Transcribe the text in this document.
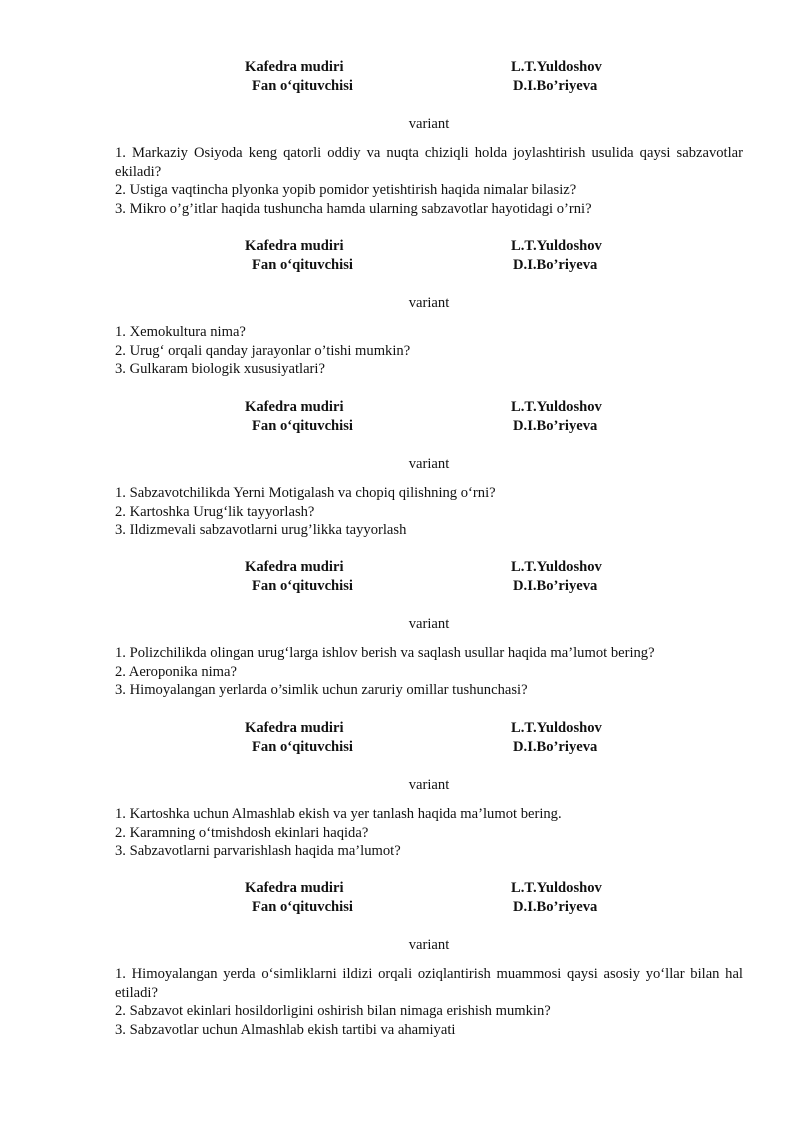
Kafedra mudiri	L.T.Yuldoshov
Fan o‘qituvchisi	D.I.Bo’riyeva
variant

1. Markaziy Osiyoda keng qatorli oddiy va nuqta chiziqli holda joylashtirish usulida qaysi sabzavotlar ekiladi?

2. Ustiga vaqtincha plyonka yopib pomidor yetishtirish haqida nimalar bilasiz?

3. Mikro o’g’itlar haqida tushuncha hamda ularning sabzavotlar hayotidagi o’rni?

Kafedra mudiri	L.T.Yuldoshov
Fan o‘qituvchisi	D.I.Bo’riyeva
variant

1. Xemokultura nima?

2. Urug‘ orqali qanday jarayonlar o’tishi mumkin?

3. Gulkaram biologik xususiyatlari?

Kafedra mudiri	L.T.Yuldoshov
Fan o‘qituvchisi	D.I.Bo’riyeva
variant

1. Sabzavotchilikda Yerni Motigalash va chopiq qilishning o‘rni?

2. Kartoshka Urug‘lik tayyorlash?

3. Ildizmevali sabzavotlarni urug’likka tayyorlash

Kafedra mudiri	L.T.Yuldoshov
Fan o‘qituvchisi	D.I.Bo’riyeva
variant

1. Polizchilikda olingan urug‘larga ishlov berish va saqlash usullar haqida ma’lumot bering?

2. Aeroponika nima?

3. Himoyalangan yerlarda o’simlik uchun zaruriy omillar tushunchasi?

Kafedra mudiri	L.T.Yuldoshov
Fan o‘qituvchisi	D.I.Bo’riyeva
variant

1. Kartoshka uchun Almashlab ekish va yer tanlash haqida ma’lumot bering.

2. Karamning o‘tmishdosh ekinlari haqida?

3. Sabzavotlarni parvarishlash haqida ma’lumot?

Kafedra mudiri	L.T.Yuldoshov
Fan o‘qituvchisi	D.I.Bo’riyeva
variant

1. Himoyalangan yerda o‘simliklarni ildizi orqali oziqlantirish muammosi qaysi asosiy yo‘llar bilan hal etiladi?

2. Sabzavot ekinlari hosildorligini oshirish bilan nimaga erishish mumkin?

3. Sabzavotlar uchun Almashlab ekish tartibi va ahamiyati
